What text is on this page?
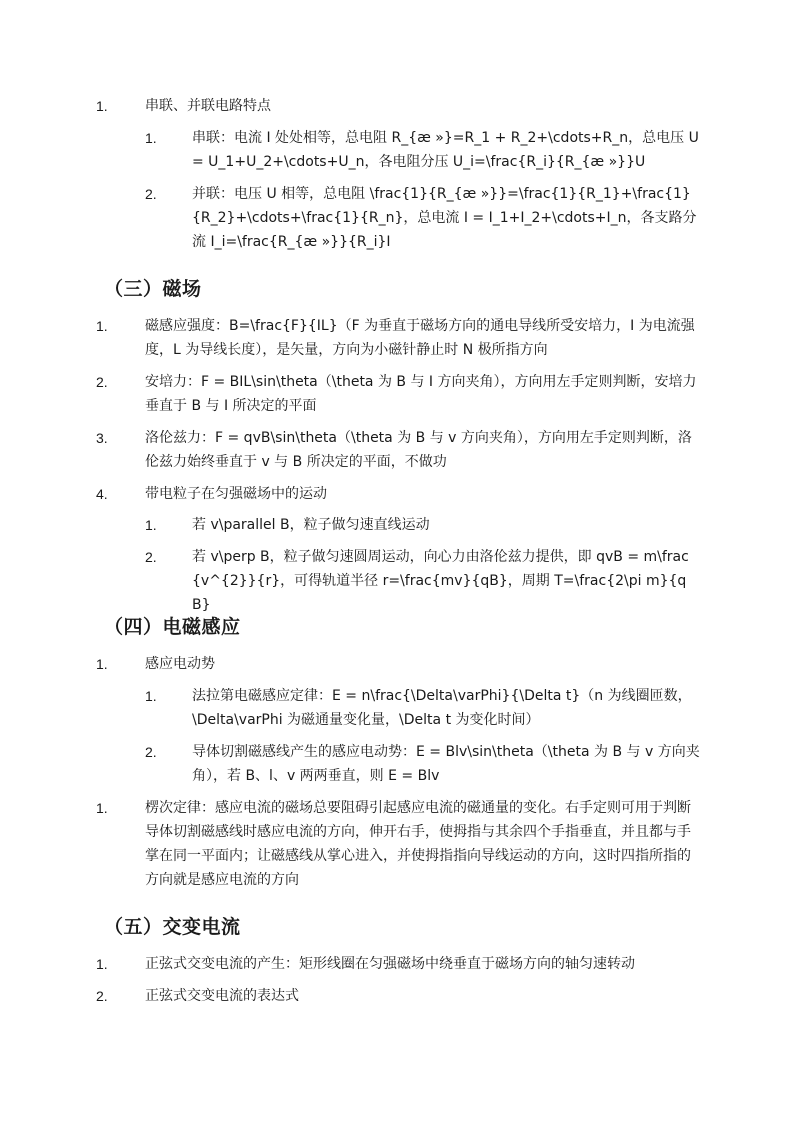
1.	串联、并联电路特点
1.	串联：电流 I 处处相等，总电阻 R_{æ »}=R_1 + R_2+\cdots+R_n，总电压 U = U_1+U_2+\cdots+U_n，各电阻分压 U_i=\frac{R_i}{R_{æ »}}U
2.	并联：电压 U 相等，总电阻 \frac{1}{R_{æ »}}=\frac{1}{R_1}+\frac{1}{R_2}+\cdots+\frac{1}{R_n}，总电流 I = I_1+I_2+\cdots+I_n，各支路分流 I_i=\frac{R_{æ »}}{R_i}I
（三）磁场
1.	磁感应强度：B=\frac{F}{IL}（F 为垂直于磁场方向的通电导线所受安培力，I 为电流强度，L 为导线长度），是矢量，方向为小磁针静止时 N 极所指方向
2.	安培力：F = BIL\sin\theta（\theta 为 B 与 I 方向夹角），方向用左手定则判断，安培力垂直于 B 与 I 所决定的平面
3.	洛伦兹力：F = qvB\sin\theta（\theta 为 B 与 v 方向夹角），方向用左手定则判断，洛伦兹力始终垂直于 v 与 B 所决定的平面，不做功
4.	带电粒子在匀强磁场中的运动
1.	若 v\parallel B，粒子做匀速直线运动
2.	若 v\perp B，粒子做匀速圆周运动，向心力由洛伦兹力提供，即 qvB = m\frac{v^{2}}{r}，可得轨道半径 r=\frac{mv}{qB}，周期 T=\frac{2\pi m}{qB}
（四）电磁感应
1.	感应电动势
1.	法拉第电磁感应定律：E = n\frac{\Delta\varPhi}{\Delta t}（n 为线圈匝数，\Delta\varPhi 为磁通量变化量，\Delta t 为变化时间）
2.	导体切割磁感线产生的感应电动势：E = Blv\sin\theta（\theta 为 B 与 v 方向夹角），若 B、l、v 两两垂直，则 E = Blv
1.	楞次定律：感应电流的磁场总要阻碍引起感应电流的磁通量的变化。右手定则可用于判断导体切割磁感线时感应电流的方向，伸开右手，使拇指与其余四个手指垂直，并且都与手掌在同一平面内；让磁感线从掌心进入，并使拇指指向导线运动的方向，这时四指所指的方向就是感应电流的方向
（五）交变电流
1.	正弦式交变电流的产生：矩形线圈在匀强磁场中绕垂直于磁场方向的轴匀速转动
2.	正弦式交变电流的表达式
